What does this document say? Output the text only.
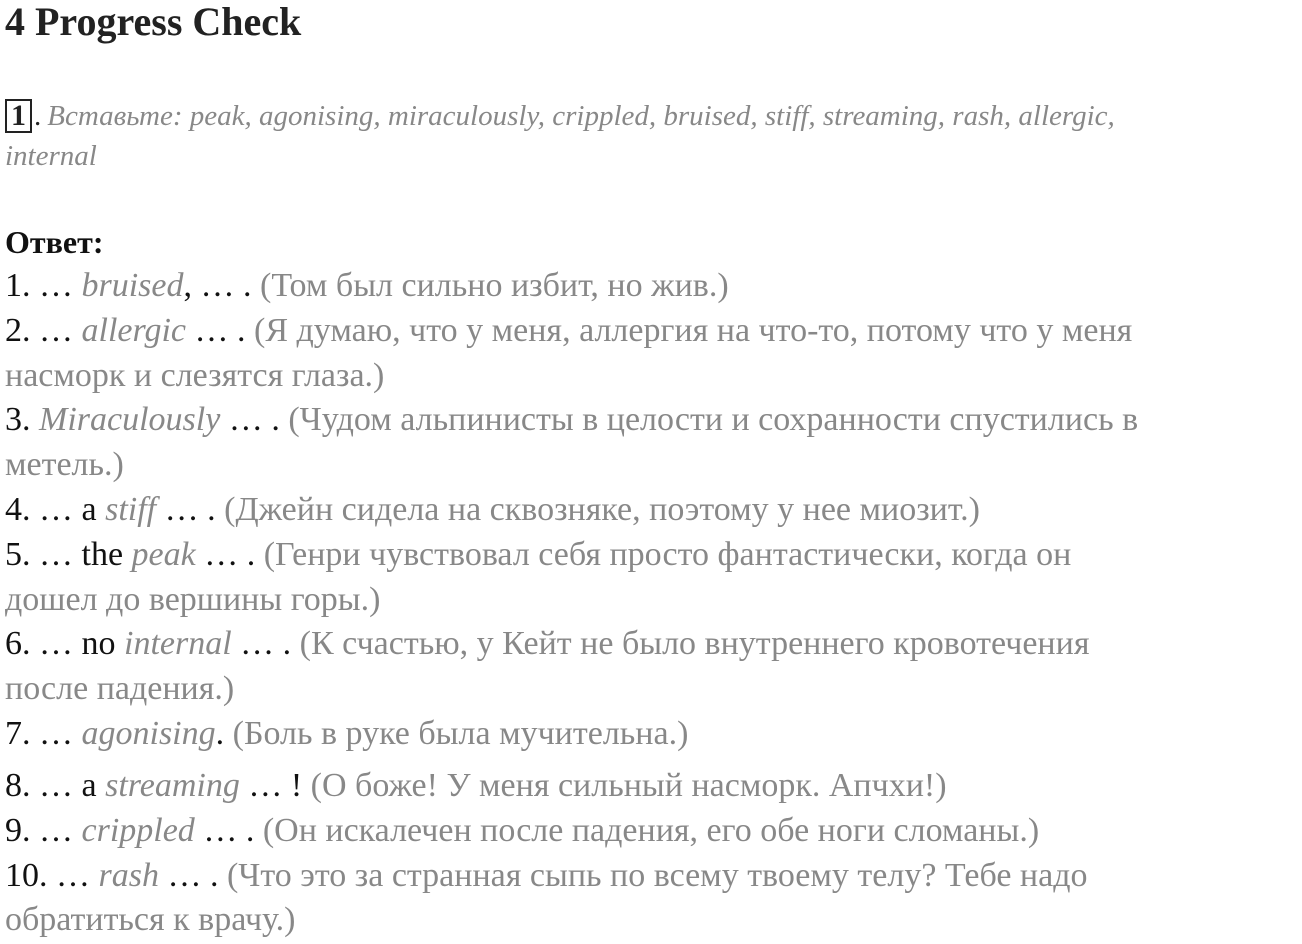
4 Progress Check
1 . Вставьте: peak, agonising, miraculously, crippled, bruised, stiff, streaming, rash, allergic,
internal
Ответ:
1. … bruised, … . (Том был сильно избит, но жив.)
2. … allergic … . (Я думаю, что у меня, аллергия на что-то, потому что у меня
насморк и слезятся глаза.)
3. Miraculously … . (Чудом альпинисты в целости и сохранности спустились в
метель.)
4. … a stiff … . (Джейн сидела на сквозняке, поэтому у нее миозит.)
5. … the peak … . (Генри чувствовал себя просто фантастически, когда он
дошел до вершины горы.)
6. … no internal … . (К счастью, у Кейт не было внутреннего кровотечения
после падения.)
7. … agonising. (Боль в руке была мучительна.)
8. … a streaming … ! (О боже! У меня сильный насморк. Апчхи!)
9. … crippled … . (Он искалечен после падения, его обе ноги сломаны.)
10. … rash … . (Что это за странная сыпь по всему твоему телу? Тебе надо
обратиться к врачу.)
